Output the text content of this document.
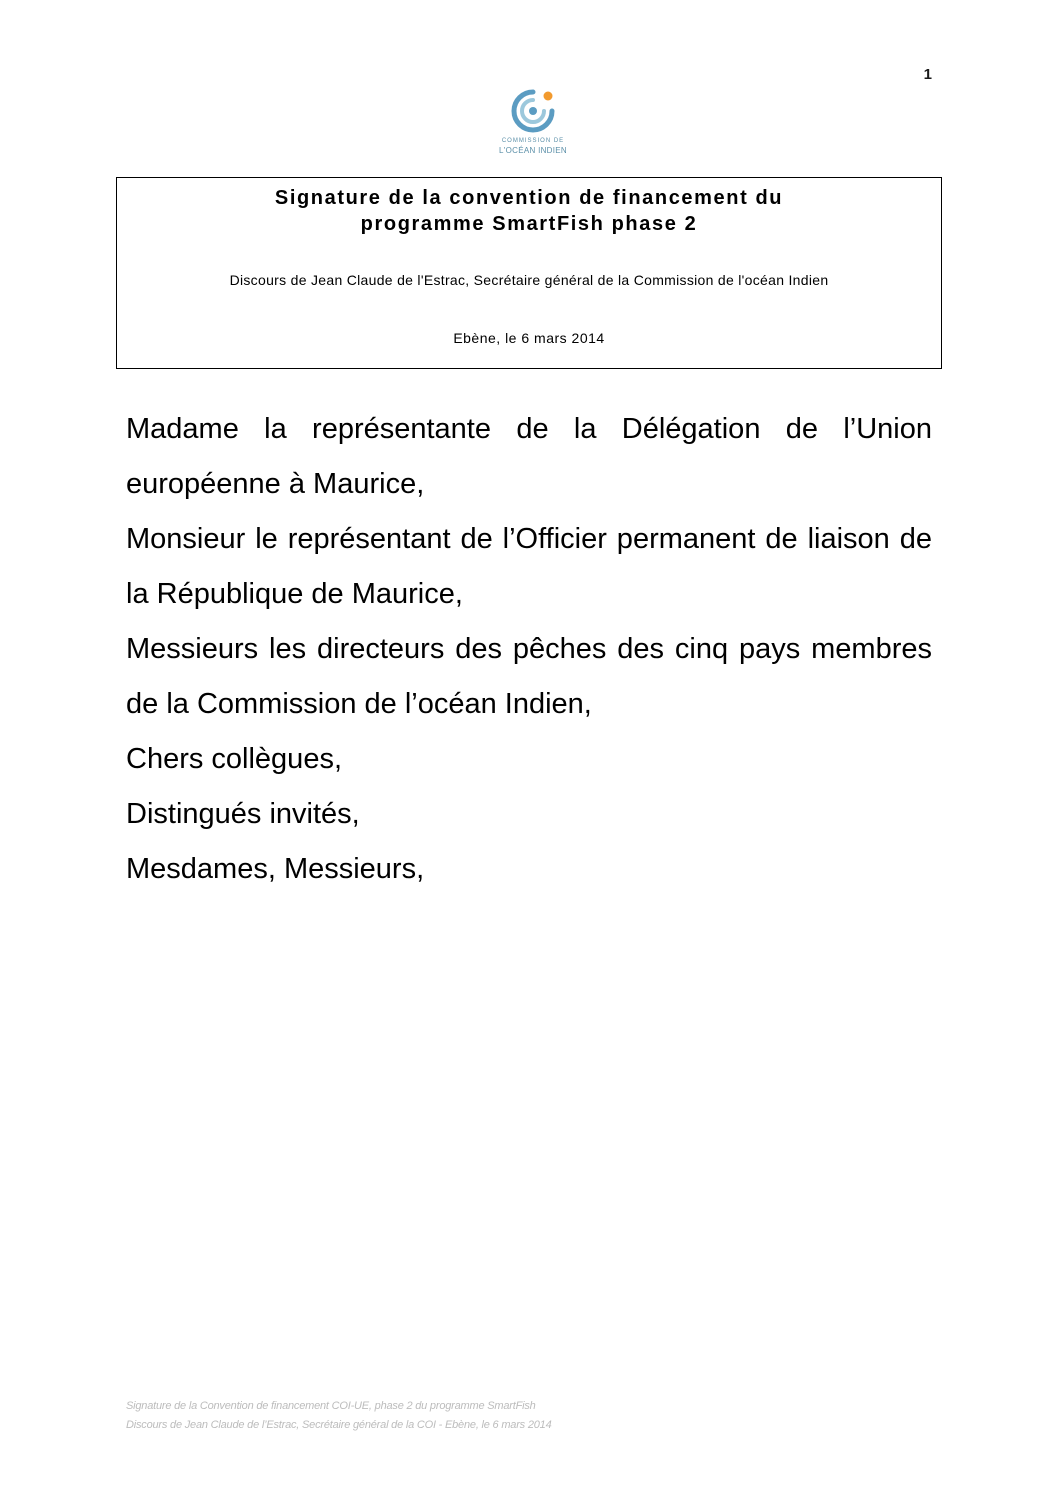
1
COMMISSION DE
L'OCÉAN INDIEN
Signature de la convention de financement du
programme SmartFish phase 2

Discours de Jean Claude de l'Estrac, Secrétaire général de la Commission de l'océan Indien

Ebène, le 6 mars 2014

Madame la représentante de la Délégation de l’Union européenne à Maurice,

Monsieur le représentant de l’Officier permanent de liaison de la République de Maurice,

Messieurs les directeurs des pêches des cinq pays membres de la Commission de l’océan Indien,

Chers collègues,

Distingués invités,

Mesdames, Messieurs,

Signature de la Convention de financement COI-UE, phase 2 du programme SmartFish
Discours de Jean Claude de l’Estrac, Secrétaire général de la COI - Ebène, le 6 mars 2014
